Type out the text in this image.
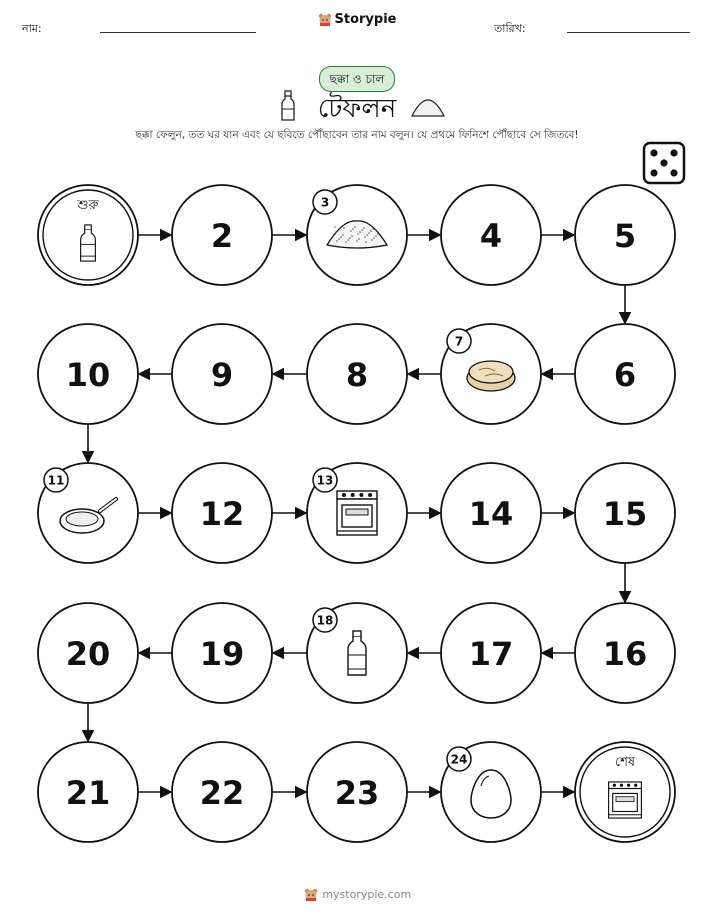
নাম:	তারিখ:
Storypie
ছক্কা ও চাল
টেফলন
ছক্কা ফেলুন, তত ঘর যান এবং যে ছবিতে পৌঁছাবেন তার নাম বলুন। যে প্রথমে ফিনিশে পৌঁছাবে সে জিতবে!
শুরু
2
3
4	5
6
7
8
9
10
11
12
13
14	15
16
17
18
19
20
21	22	23
24	শেষ
mystorypie.com
